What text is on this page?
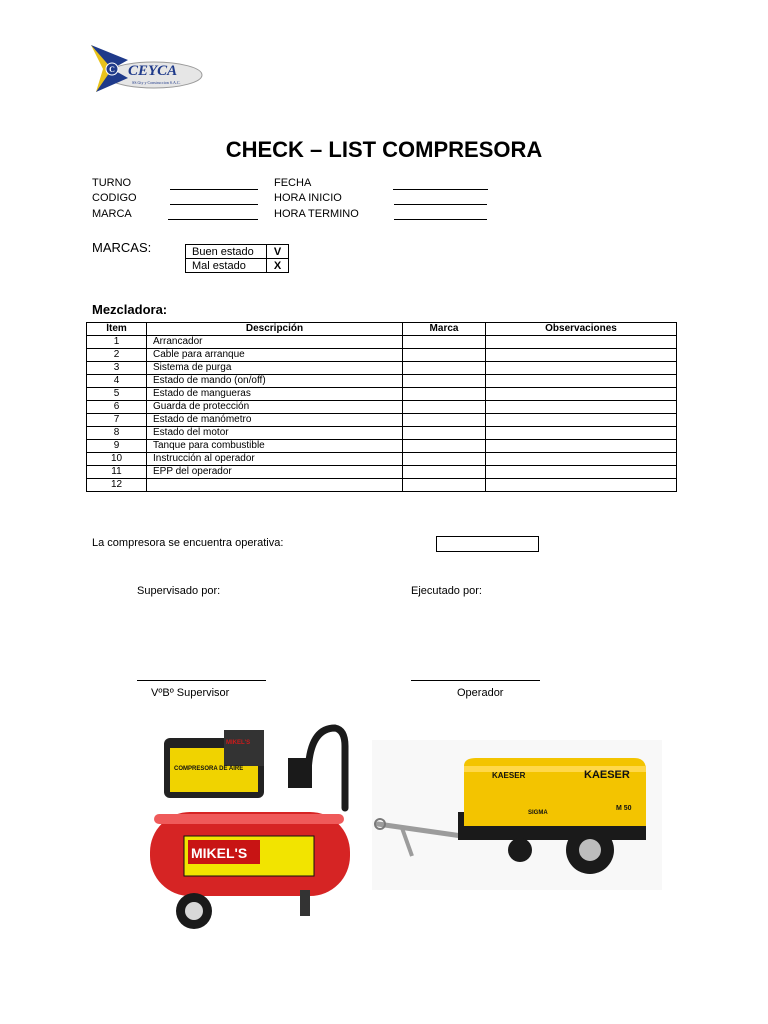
C CEYCA
SS.Gty y Construccion S.A.C.
CHECK – LIST COMPRESORA
TURNO
CODIGO
MARCA
FECHA
HORA INICIO
HORA TERMINO
MARCAS:	Buen estado	V
Mal estado	X
Mezcladora:
Ítem	Descripción	Marca	Observaciones
1	Arrancador		
2	Cable para arranque		
3	Sistema de purga		
4	Estado de mando (on/off)		
5	Estado de mangueras		
6	Guarda de protección		
7	Estado de manómetro		
8	Estado del motor		
9	Tanque para combustible		
10	Instrucción al operador		
11	EPP del operador		
12			
La compresora se encuentra operativa:
Supervisado por:	Ejecutado por:
VºBº Supervisor	Operador
MIKEL'S
COMPRESORA DE AIRE
MIKEL'S
KAESER	KAESER
M 50
SIGMA
